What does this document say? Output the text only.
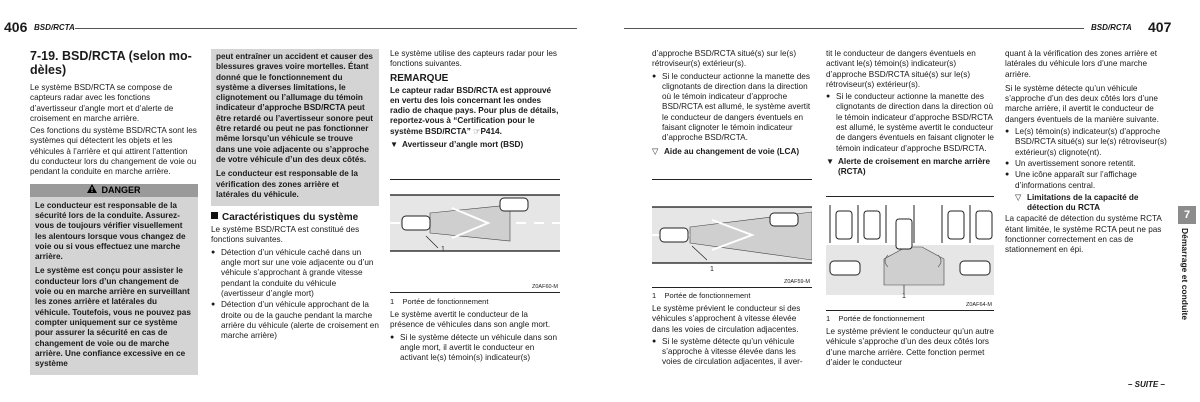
406 BSD/RCTA	BSD/RCTA 407
7-19. BSD/RCTA (selon mo-dèles)

Le système BSD/RCTA se compose de capteurs radar avec les fonctions d’avertisseur d’angle mort et d’alerte de croisement en marche arrière.

Ces fonctions du système BSD/RCTA sont les systèmes qui détectent les objets et les véhicules à l’arrière et qui attirent l’attention du conducteur lors du changement de voie ou pendant la conduite en marche arrière.

DANGER

Le conducteur est responsable de la sécurité lors de la conduite. Assurez-vous de toujours vérifier visuellement les alentours lorsque vous changez de voie ou si vous effectuez une marche arrière.

Le système est conçu pour assister le conducteur lors d’un changement de voie ou en marche arrière en surveillant les zones arrière et latérales du véhicule. Toutefois, vous ne pouvez pas compter uniquement sur ce système pour assurer la sécurité en cas de changement de voie ou de marche arrière. Une confiance excessive en ce système

peut entraîner un accident et causer des blessures graves voire mortelles. Étant donné que le fonctionnement du système a diverses limitations, le clignotement ou l’allumage du témoin indicateur d’approche BSD/RCTA peut être retardé ou l’avertisseur sonore peut être retardé ou peut ne pas fonctionner même lorsqu’un véhicule se trouve dans une voie adjacente ou s’approche de votre véhicule d’un des deux côtés.

Le conducteur est responsable de la vérification des zones arrière et latérales du véhicule.

Caractéristiques du système

Le système BSD/RCTA est constitué des fonctions suivantes.

● Détection d’un véhicule caché dans un angle mort sur une voie adjacente ou d’un véhicule s’approchant à grande vitesse pendant la conduite du véhicule (avertisseur d’angle mort)
● Détection d’un véhicule approchant de la droite ou de la gauche pendant la marche arrière du véhicule (alerte de croisement en marche arrière)

Le système utilise des capteurs radar pour les fonctions suivantes.

REMARQUE

Le capteur radar BSD/RCTA est approuvé en vertu des lois concernant les ondes radio de chaque pays. Pour plus de détails, reportez-vous à “Certification pour le système BSD/RCTA” ☞P414.

▼ Avertisseur d’angle mort (BSD)
1
Z0AF60-M
1 Portée de fonctionnement

Le système avertit le conducteur de la présence de véhicules dans son angle mort.

● Si le système détecte un véhicule dans son angle mort, il avertit le conducteur en activant le(s) témoin(s) indicateur(s)

d’approche BSD/RCTA situé(s) sur le(s) rétroviseur(s) extérieur(s).

● Si le conducteur actionne la manette des clignotants de direction dans la direction où le témoin indicateur d’approche BSD/RCTA est allumé, le système avertit le conducteur de dangers éventuels en faisant clignoter le témoin indicateur d’approche BSD/RCTA.
▽ Aide au changement de voie (LCA)
1
Z0AF59-M
1 Portée de fonctionnement

Le système prévient le conducteur si des véhicules s’approchent à vitesse élevée dans les voies de circulation adjacentes.

● Si le système détecte qu’un véhicule s’approche à vitesse élevée dans les voies de circulation adjacentes, il aver-

tit le conducteur de dangers éventuels en activant le(s) témoin(s) indicateur(s) d’approche BSD/RCTA situé(s) sur le(s) rétroviseur(s) extérieur(s).

● Si le conducteur actionne la manette des clignotants de direction dans la direction où le témoin indicateur d’approche BSD/RCTA est allumé, le système avertit le conducteur de dangers éventuels en faisant clignoter le témoin indicateur d’approche BSD/RCTA.
▼ Alerte de croisement en marche arrière (RCTA)
1
Z0AF64-M
1 Portée de fonctionnement

Le système prévient le conducteur qu’un autre véhicule s’approche d’un des deux côtés lors d’une marche arrière. Cette fonction permet d’aider le conducteur

quant à la vérification des zones arrière et latérales du véhicule lors d’une marche arrière.

Si le système détecte qu’un véhicule s’approche d’un des deux côtés lors d’une marche arrière, il avertit le conducteur de dangers éventuels de la manière suivante.

● Le(s) témoin(s) indicateur(s) d’approche BSD/RCTA situé(s) sur le(s) rétroviseur(s) extérieur(s) clignote(nt).
● Un avertissement sonore retentit.
● Une icône apparaît sur l’affichage d’informations central.
▽ Limitations de la capacité de détection du RCTA

La capacité de détection du système RCTA étant limitée, le système RCTA peut ne pas fonctionner correctement en cas de stationnement en épi.

7
Démarrage et conduite
– SUITE –
